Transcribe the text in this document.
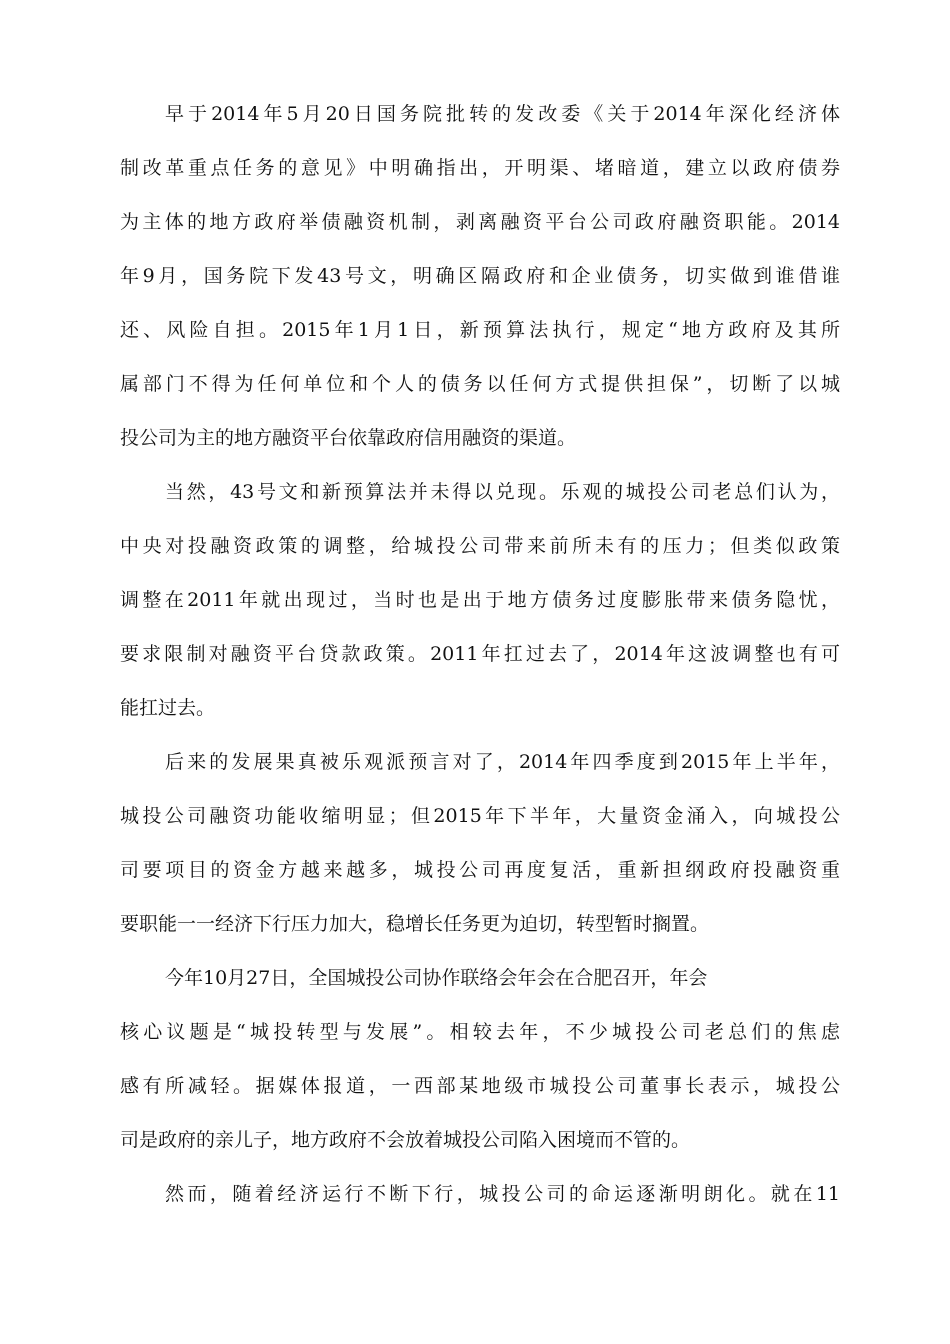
早于2014年5月20日国务院批转的发改委《关于2014年深化经济体
制改革重点任务的意见》中明确指出，开明渠、堵暗道，建立以政府债券
为主体的地方政府举债融资机制，剥离融资平台公司政府融资职能。2014
年9月，国务院下发43号文，明确区隔政府和企业债务，切实做到谁借谁
还、风险自担。2015年1月1日，新预算法执行，规定“地方政府及其所
属部门不得为任何单位和个人的债务以任何方式提供担保”，切断了以城
投公司为主的地方融资平台依靠政府信用融资的渠道。
当然，43号文和新预算法并未得以兑现。乐观的城投公司老总们认为，
中央对投融资政策的调整，给城投公司带来前所未有的压力；但类似政策
调整在2011年就出现过，当时也是出于地方债务过度膨胀带来债务隐忧，
要求限制对融资平台贷款政策。2011年扛过去了，2014年这波调整也有可
能扛过去。
后来的发展果真被乐观派预言对了，2014年四季度到2015年上半年，
城投公司融资功能收缩明显；但2015年下半年，大量资金涌入，向城投公
司要项目的资金方越来越多，城投公司再度复活，重新担纲政府投融资重
要职能一一经济下行压力加大，稳增长任务更为迫切，转型暂时搁置。
今年10月27日，全国城投公司协作联络会年会在合肥召开，年会
核心议题是“城投转型与发展”。相较去年，不少城投公司老总们的焦虑
感有所减轻。据媒体报道，一西部某地级市城投公司董事长表示，城投公
司是政府的亲儿子，地方政府不会放着城投公司陷入困境而不管的。
然而，随着经济运行不断下行，城投公司的命运逐渐明朗化。就在11
